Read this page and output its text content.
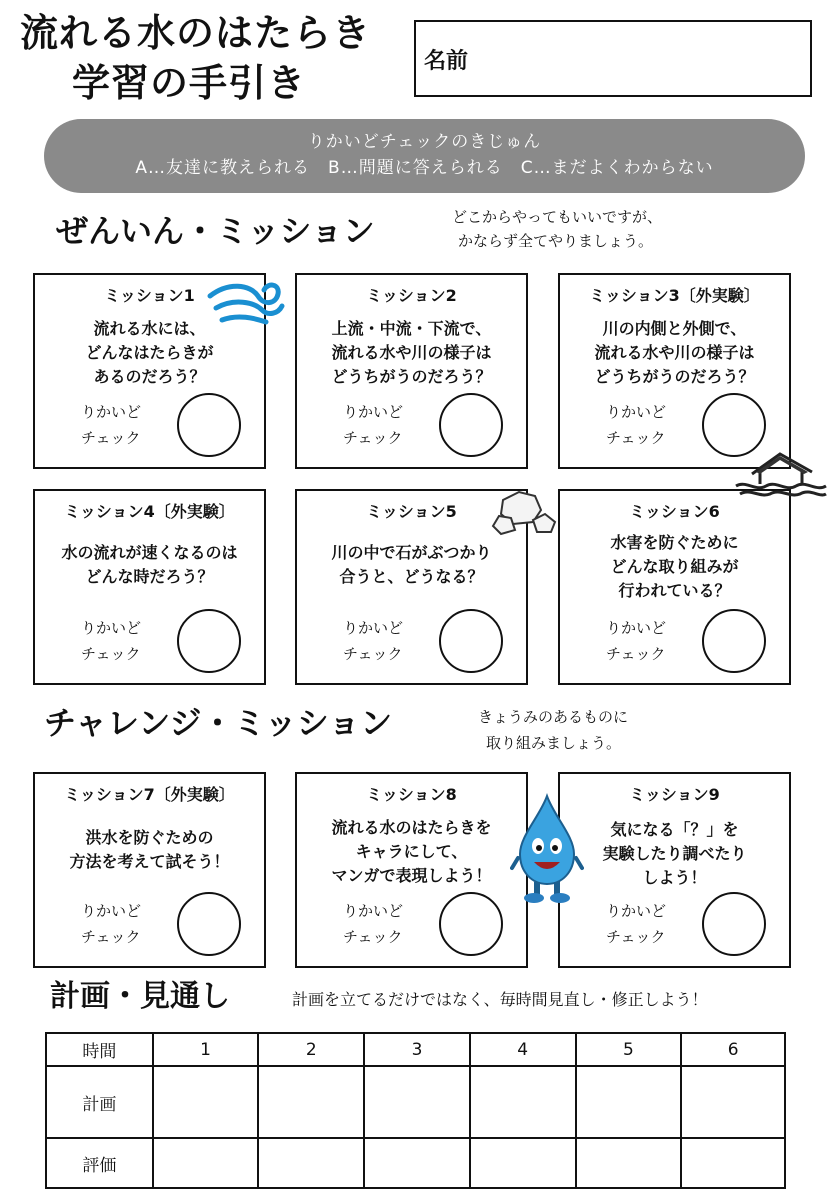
流れる水のはたらき
学習の手引き	名前
りかいどチェックのきじゅん
A…友達に教えられる　B…問題に答えられる　C…まだよくわからない
ぜんいん・ミッション	どこからやってもいいですが、
かならず全てやりましょう。
ミッション1
流れる水には、
どんなはたらきが
あるのだろう？
りかいど
チェック
ミッション2
上流・中流・下流で、
流れる水や川の様子は
どうちがうのだろう？
りかいど
チェック
ミッション3〔外実験〕
川の内側と外側で、
流れる水や川の様子は
どうちがうのだろう？
りかいど
チェック
ミッション4〔外実験〕
水の流れが速くなるのは
どんな時だろう？
りかいど
チェック
ミッション5
川の中で石がぶつかり
合うと、どうなる？
りかいど
チェック
ミッション6
水害を防ぐために
どんな取り組みが
行われている？
りかいど
チェック
チャレンジ・ミッション	きょうみのあるものに
取り組みましょう。
ミッション7〔外実験〕
洪水を防ぐための
方法を考えて試そう！
りかいど
チェック
ミッション8
流れる水のはたらきを
キャラにして、
マンガで表現しよう！
りかいど
チェック
ミッション9
気になる「？」を
実験したり調べたり
しよう！
りかいど
チェック
計画・見通し	計画を立てるだけではなく、毎時間見直し・修正しよう！
時間	1	2	3	4	5	6
計画						
評価						
